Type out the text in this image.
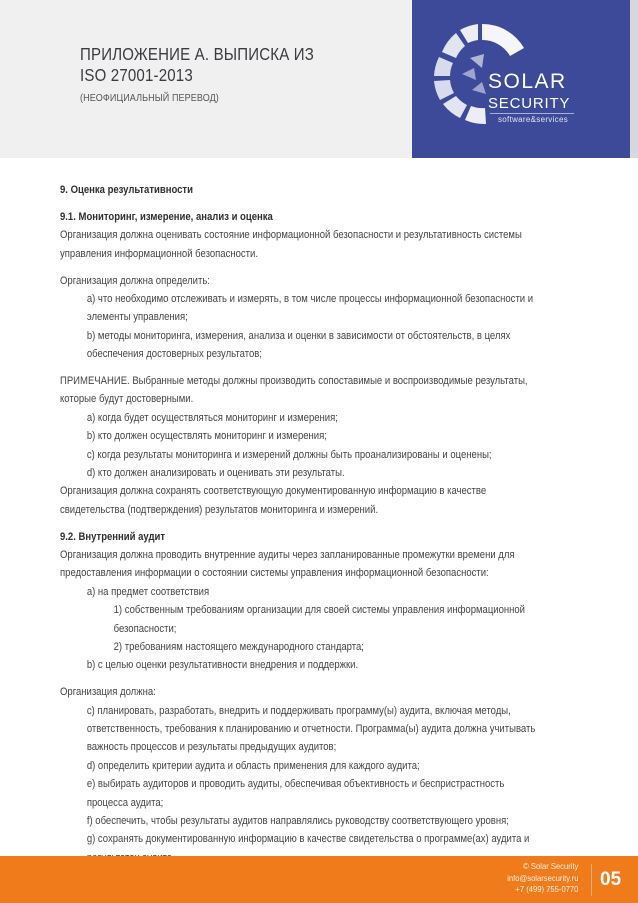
ПРИЛОЖЕНИЕ А. ВЫПИСКА ИЗ
ISO 27001-2013
(НЕОФИЦИАЛЬНЫЙ ПЕРЕВОД)
SOLAR
SECURITY
software&services
9. Оценка результативности
9.1. Мониторинг, измерение, анализ и оценка
Организация должна оценивать состояние информационной безопасности и результативность системы
управления информационной безопасности.
Организация должна определить:
a) что необходимо отслеживать и измерять, в том числе процессы информационной безопасности и
элементы управления;
b) методы мониторинга, измерения, анализа и оценки в зависимости от обстоятельств, в целях
обеспечения достоверных результатов;
ПРИМЕЧАНИЕ. Выбранные методы должны производить сопоставимые и воспроизводимые результаты,
которые будут достоверными.
a) когда будет осуществляться мониторинг и измерения;
b) кто должен осуществлять мониторинг и измерения;
c) когда результаты мониторинга и измерений должны быть проанализированы и оценены;
d) кто должен анализировать и оценивать эти результаты.
Организация должна сохранять соответствующую документированную информацию в качестве
свидетельства (подтверждения) результатов мониторинга и измерений.
9.2. Внутренний аудит
Организация должна проводить внутренние аудиты через запланированные промежутки времени для
предоставления информации о состоянии системы управления информационной безопасности:
a) на предмет соответствия
1) собственным требованиям организации для своей системы управления информационной
безопасности;
2) требованиям настоящего международного стандарта;
b) с целью оценки результативности внедрения и поддержки.
Организация должна:
c) планировать, разработать, внедрить и поддерживать программу(ы) аудита, включая методы,
ответственность, требования к планированию и отчетности. Программа(ы) аудита должна учитывать
важность процессов и результаты предыдущих аудитов;
d) определить критерии аудита и область применения для каждого аудита;
e) выбирать аудиторов и проводить аудиты, обеспечивая объективность и беспристрастность
процесса аудита;
f) обеспечить, чтобы результаты аудитов направлялись руководству соответствующего уровня;
g) сохранять документированную информацию в качестве свидетельства о программе(ах) аудита и
© Solar Security
info@solarsecurity.ru
+7 (499) 755-0770 05
